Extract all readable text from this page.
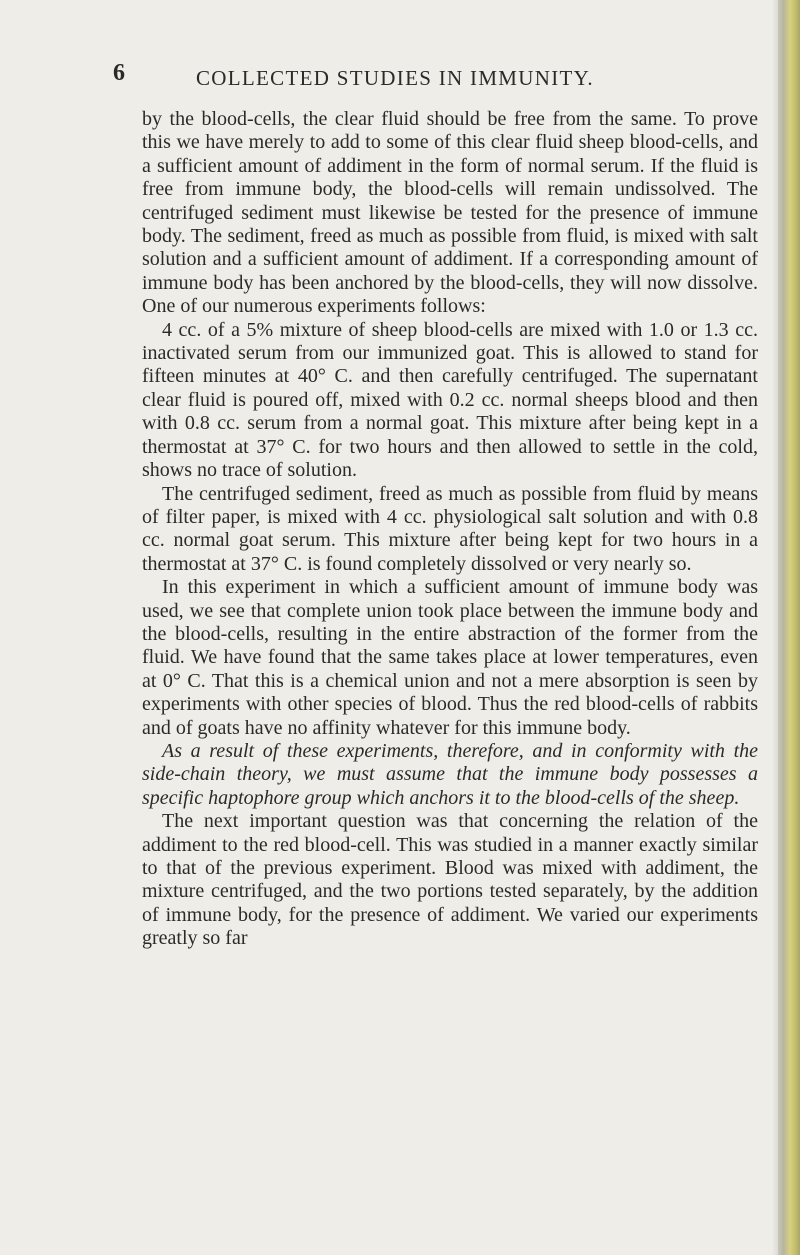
6	COLLECTED STUDIES IN IMMUNITY.

by the blood-cells, the clear fluid should be free from the same. To prove this we have merely to add to some of this clear fluid sheep blood-cells, and a sufficient amount of addiment in the form of normal serum. If the fluid is free from immune body, the blood-cells will remain undissolved. The centrifuged sediment must likewise be tested for the presence of immune body. The sediment, freed as much as possible from fluid, is mixed with salt solution and a sufficient amount of addiment. If a corresponding amount of immune body has been anchored by the blood-cells, they will now dissolve. One of our numerous experiments follows:

4 cc. of a 5% mixture of sheep blood-cells are mixed with 1.0 or 1.3 cc. inactivated serum from our immunized goat. This is allowed to stand for fifteen minutes at 40° C. and then carefully centrifuged. The supernatant clear fluid is poured off, mixed with 0.2 cc. normal sheeps blood and then with 0.8 cc. serum from a normal goat. This mixture after being kept in a thermostat at 37° C. for two hours and then allowed to settle in the cold, shows no trace of solution.

The centrifuged sediment, freed as much as possible from fluid by means of filter paper, is mixed with 4 cc. physiological salt solution and with 0.8 cc. normal goat serum. This mixture after being kept for two hours in a thermostat at 37° C. is found completely dissolved or very nearly so.

In this experiment in which a sufficient amount of immune body was used, we see that complete union took place between the immune body and the blood-cells, resulting in the entire abstraction of the former from the fluid. We have found that the same takes place at lower temperatures, even at 0° C. That this is a chemical union and not a mere absorption is seen by experiments with other species of blood. Thus the red blood-cells of rabbits and of goats have no affinity whatever for this immune body.

As a result of these experiments, therefore, and in conformity with the side-chain theory, we must assume that the immune body possesses a specific haptophore group which anchors it to the blood-cells of the sheep.

The next important question was that concerning the relation of the addiment to the red blood-cell. This was studied in a manner exactly similar to that of the previous experiment. Blood was mixed with addiment, the mixture centrifuged, and the two portions tested separately, by the addition of immune body, for the presence of addiment. We varied our experiments greatly so far
